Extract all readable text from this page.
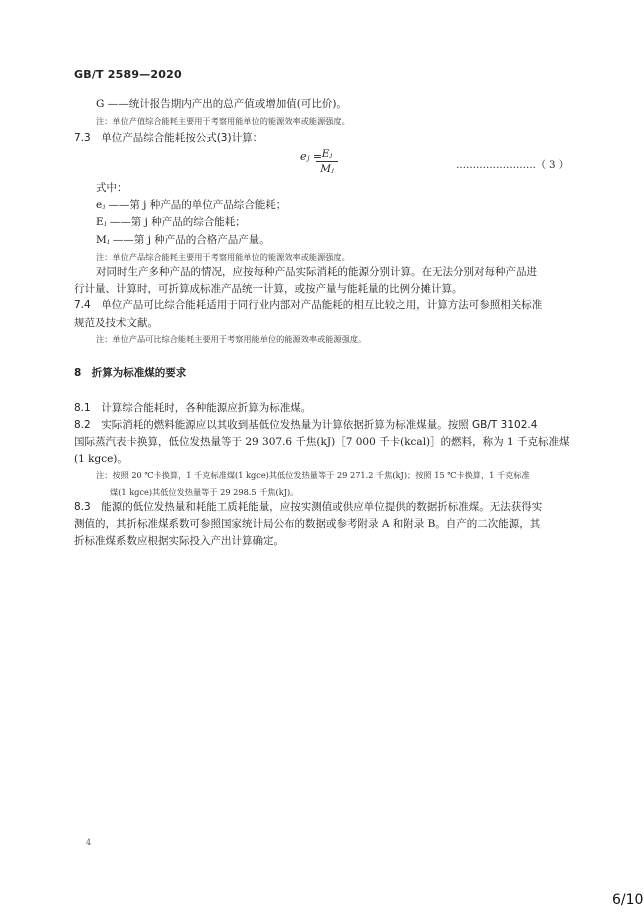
GB/T 2589—2020
G ——统计报告期内产出的总产值或增加值(可比价)。
注：单位产值综合能耗主要用于考察用能单位的能源效率或能源强度。
7.3　单位产品综合能耗按公式(3)计算：
eⱼ =
$\frac{\text{Eⱼ}}{\text{Mⱼ}}$	……………………（ 3 ）
式中：
eⱼ ——第 j 种产品的单位产品综合能耗；
Eⱼ ——第 j 种产品的综合能耗；
Mⱼ ——第 j 种产品的合格产品产量。
注：单位产品综合能耗主要用于考察用能单位的能源效率或能源强度。
对同时生产多种产品的情况，应按每种产品实际消耗的能源分别计算。在无法分别对每种产品进
行计量、计算时，可折算成标准产品统一计算，或按产量与能耗量的比例分摊计算。
7.4　单位产品可比综合能耗适用于同行业内部对产品能耗的相互比较之用，计算方法可参照相关标准
规范及技术文献。
注：单位产品可比综合能耗主要用于考察用能单位的能源效率或能源强度。
8　折算为标准煤的要求
8.1　计算综合能耗时，各种能源应折算为标准煤。
8.2　实际消耗的燃料能源应以其收到基低位发热量为计算依据折算为标准煤量。按照 GB/T 3102.4
国际蒸汽表卡换算，低位发热量等于 29 307.6 千焦(kJ)［7 000 千卡(kcal)］的燃料，称为 1 千克标准煤
(1 kgce)。
注：按照 20 ℃卡换算，1 千克标准煤(1 kgce)其低位发热量等于 29 271.2 千焦(kJ)；按照 15 ℃卡换算，1 千克标准
煤(1 kgce)其低位发热量等于 29 298.5 千焦(kJ)。
8.3　能源的低位发热量和耗能工质耗能量，应按实测值或供应单位提供的数据折标准煤。无法获得实
测值的，其折标准煤系数可参照国家统计局公布的数据或参考附录 A 和附录 B。自产的二次能源，其
折标准煤系数应根据实际投入产出计算确定。
4
6/10
